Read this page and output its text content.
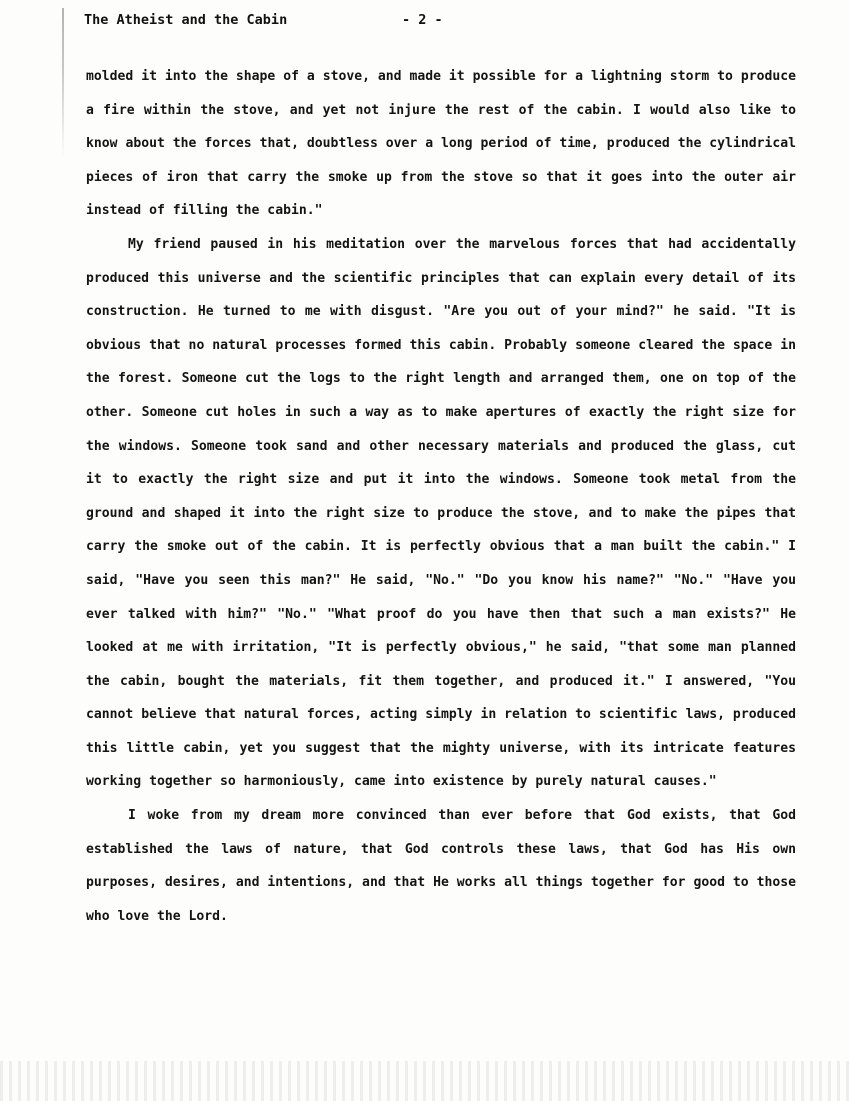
The Atheist and the Cabin	- 2 -

molded it into the shape of a stove, and made it possible for a lightning storm to produce a fire within the stove, and yet not injure the rest of the cabin. I would also like to know about the forces that, doubtless over a long period of time, produced the cylindrical pieces of iron that carry the smoke up from the stove so that it goes into the outer air instead of filling the cabin."

My friend paused in his meditation over the marvelous forces that had accidentally produced this universe and the scientific principles that can explain every detail of its construction. He turned to me with disgust. "Are you out of your mind?" he said. "It is obvious that no natural processes formed this cabin. Probably someone cleared the space in the forest. Someone cut the logs to the right length and arranged them, one on top of the other. Someone cut holes in such a way as to make apertures of exactly the right size for the windows. Someone took sand and other necessary materials and produced the glass, cut it to exactly the right size and put it into the windows. Someone took metal from the ground and shaped it into the right size to produce the stove, and to make the pipes that carry the smoke out of the cabin. It is perfectly obvious that a man built the cabin." I said, "Have you seen this man?" He said, "No." "Do you know his name?" "No." "Have you ever talked with him?" "No." "What proof do you have then that such a man exists?" He looked at me with irritation, "It is perfectly obvious," he said, "that some man planned the cabin, bought the materials, fit them together, and produced it." I answered, "You cannot believe that natural forces, acting simply in relation to scientific laws, produced this little cabin, yet you suggest that the mighty universe, with its intricate features working together so harmoniously, came into existence by purely natural causes."

I woke from my dream more convinced than ever before that God exists, that God established the laws of nature, that God controls these laws, that God has His own purposes, desires, and intentions, and that He works all things together for good to those who love the Lord.
